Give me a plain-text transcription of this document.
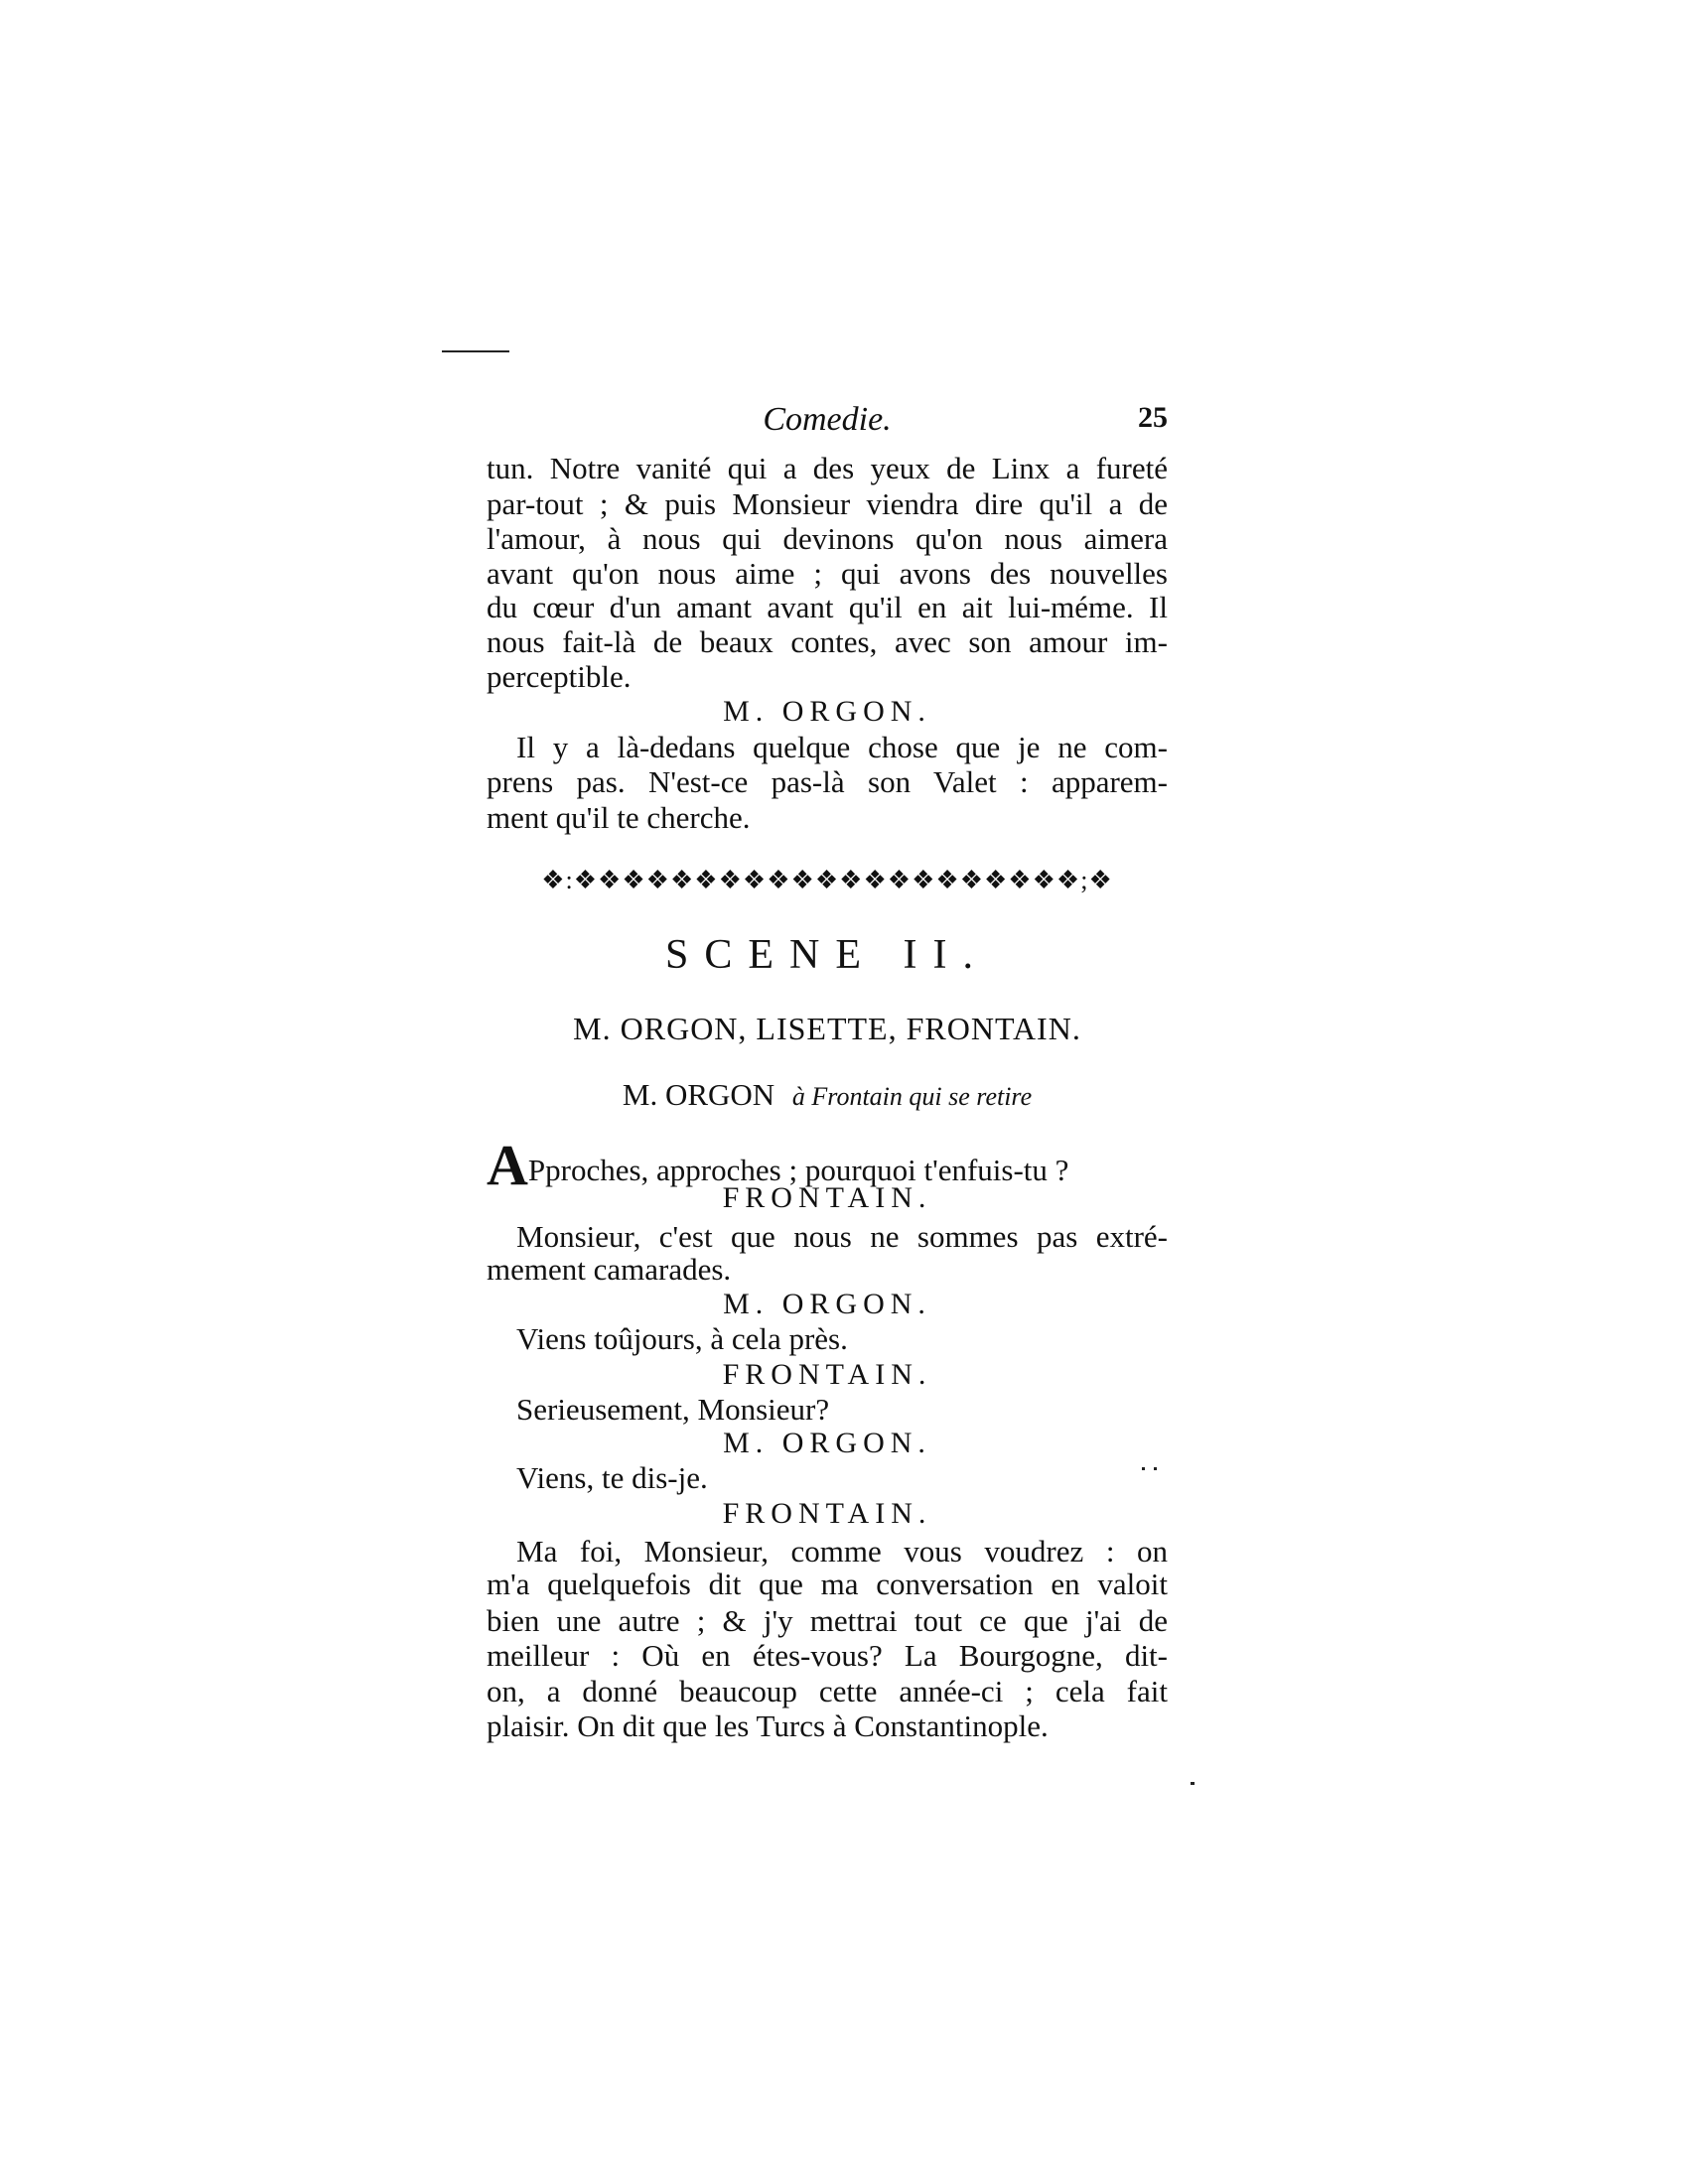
Comedie.	25
tun. Notre vanité qui a des yeux de Linx a fureté
par-tout ; & puis Monsieur viendra dire qu'il a de
l'amour, à nous qui devinons qu'on nous aimera
avant qu'on nous aime ; qui avons des nouvelles
du cœur d'un amant avant qu'il en ait lui-méme. Il
nous fait-là de beaux contes, avec son amour im-
perceptible.
M. ORGON.
Il y a là-dedans quelque chose que je ne com-
prens pas. N'est-ce pas-là son Valet : apparem-
ment qu'il te cherche.
❖:❖❖❖❖❖❖❖❖❖❖❖❖❖❖❖❖❖❖❖❖❖;❖
SCENE II.
M. ORGON, LISETTE, FRONTAIN.
M. ORGON à Frontain qui se retire
APproches, approches ; pourquoi t'enfuis-tu ?
FRONTAIN.
Monsieur, c'est que nous ne sommes pas extré-
mement camarades.
M. ORGON.
Viens toûjours, à cela près.
FRONTAIN.
Serieusement, Monsieur?
M. ORGON.
Viens, te dis-je.
FRONTAIN.
Ma foi, Monsieur, comme vous voudrez : on
m'a quelquefois dit que ma conversation en valoit
bien une autre ; & j'y mettrai tout ce que j'ai de
meilleur : Où en étes-vous? La Bourgogne, dit-
on, a donné beaucoup cette année-ci ; cela fait
plaisir. On dit que les Turcs à Constantinople.
